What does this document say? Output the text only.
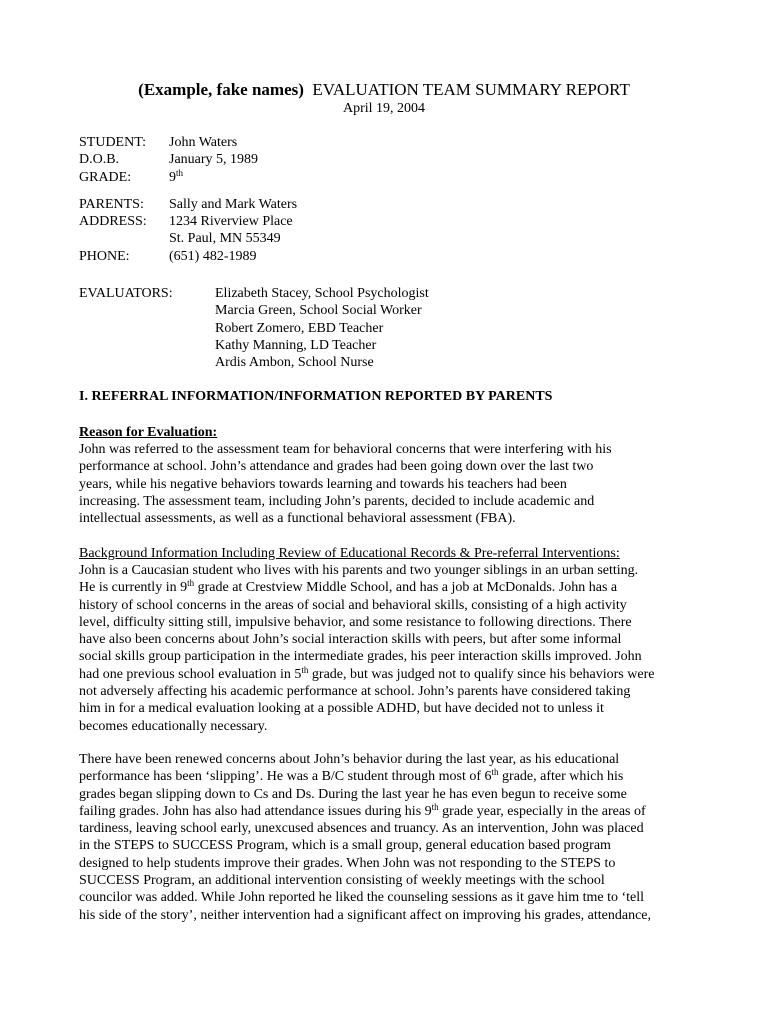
(Example, fake names) EVALUATION TEAM SUMMARY REPORT
April 19, 2004
STUDENT:	John Waters
D.O.B.	January 5, 1989
GRADE:	9th
PARENTS:	Sally and Mark Waters
ADDRESS:	1234 Riverview Place
St. Paul, MN 55349
PHONE:	(651) 482-1989
EVALUATORS:	Elizabeth Stacey, School Psychologist
Marcia Green, School Social Worker
Robert Zomero, EBD Teacher
Kathy Manning, LD Teacher
Ardis Ambon, School Nurse
I. REFERRAL INFORMATION/INFORMATION REPORTED BY PARENTS
Reason for Evaluation:
John was referred to the assessment team for behavioral concerns that were interfering with his
performance at school. John’s attendance and grades had been going down over the last two
years, while his negative behaviors towards learning and towards his teachers had been
increasing. The assessment team, including John’s parents, decided to include academic and
intellectual assessments, as well as a functional behavioral assessment (FBA).
Background Information Including Review of Educational Records & Pre-referral Interventions:
John is a Caucasian student who lives with his parents and two younger siblings in an urban setting.
He is currently in 9th grade at Crestview Middle School, and has a job at McDonalds. John has a
history of school concerns in the areas of social and behavioral skills, consisting of a high activity
level, difficulty sitting still, impulsive behavior, and some resistance to following directions. There
have also been concerns about John’s social interaction skills with peers, but after some informal
social skills group participation in the intermediate grades, his peer interaction skills improved. John
had one previous school evaluation in 5th grade, but was judged not to qualify since his behaviors were
not adversely affecting his academic performance at school. John’s parents have considered taking
him in for a medical evaluation looking at a possible ADHD, but have decided not to unless it
becomes educationally necessary.
There have been renewed concerns about John’s behavior during the last year, as his educational
performance has been ‘slipping’. He was a B/C student through most of 6th grade, after which his
grades began slipping down to Cs and Ds. During the last year he has even begun to receive some
failing grades. John has also had attendance issues during his 9th grade year, especially in the areas of
tardiness, leaving school early, unexcused absences and truancy. As an intervention, John was placed
in the STEPS to SUCCESS Program, which is a small group, general education based program
designed to help students improve their grades. When John was not responding to the STEPS to
SUCCESS Program, an additional intervention consisting of weekly meetings with the school
councilor was added. While John reported he liked the counseling sessions as it gave him tme to ‘tell
his side of the story’, neither intervention had a significant affect on improving his grades, attendance,
